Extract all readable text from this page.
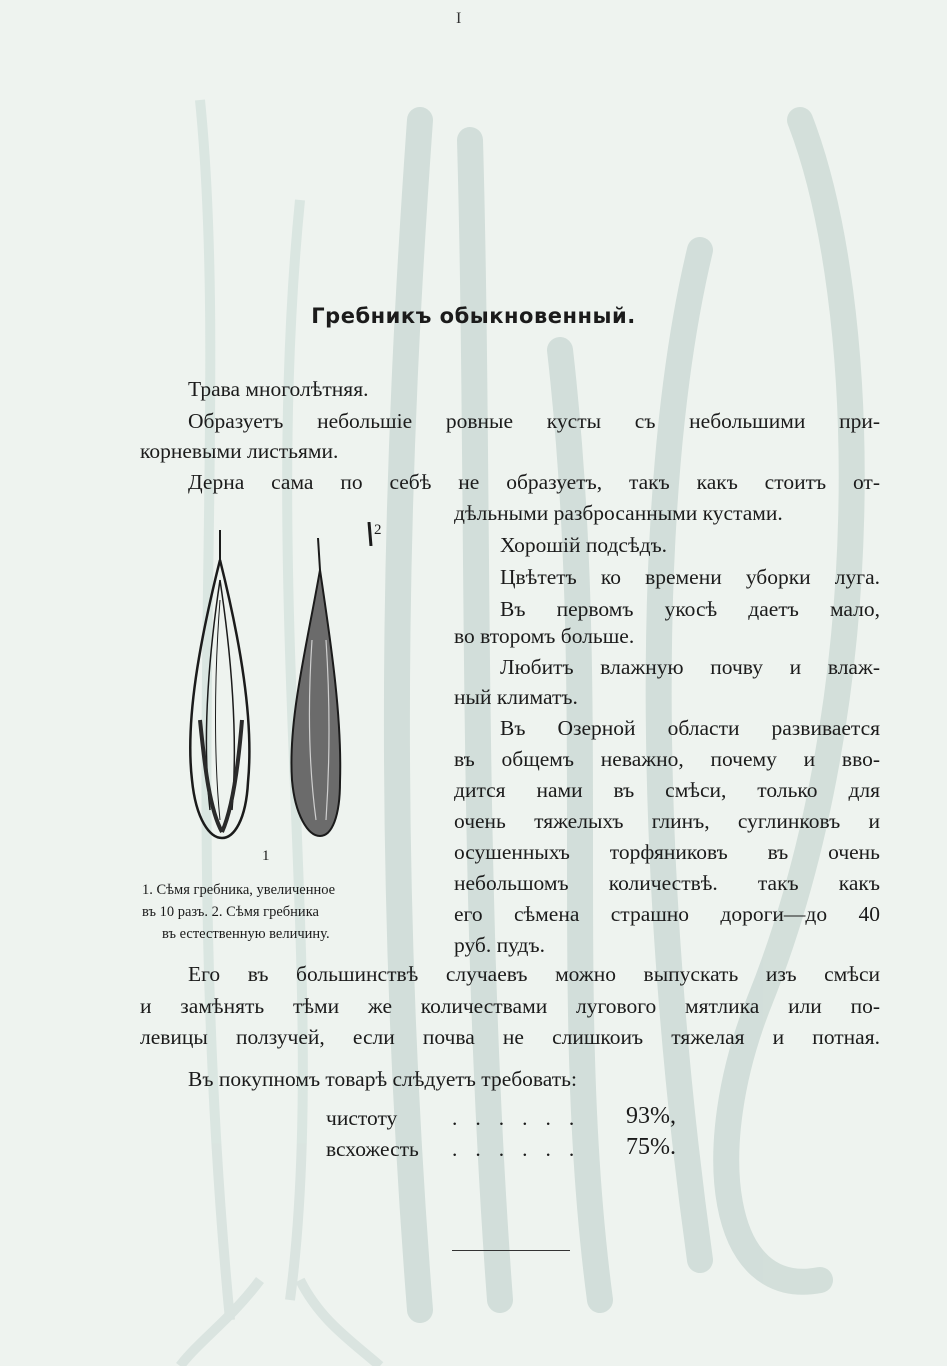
I
Гребникъ обыкновенный.
Трава многолѣтняя.
Образуетъ небольшiе ровные кусты съ небольшими при-
корневыми листьями.
Дерна сама по себѣ не образуетъ, такъ какъ стоитъ от-
2
1
1. Сѣмя гребника, увеличенное
въ 10 разъ. 2. Сѣмя гребника
въ естественную величину.
дѣльными разбросанными кустами.
Хорошiй подсѣдъ.
Цвѣтетъ ко времени уборки луга.
Въ первомъ укосѣ даетъ мало,
во второмъ больше.
Любитъ влажную почву и влаж-
ный климатъ.
Въ Озерной области развивается
въ общемъ неважно, почему и вво-
дится нами въ смѣси, только для
очень тяжелыхъ глинъ, суглинковъ и
осушенныхъ торфяниковъ въ очень
небольшомъ количествѣ. такъ какъ
его сѣмена страшно дороги—до 40
руб. пудъ.
Его въ большинствѣ случаевъ можно выпускать изъ смѣси
и замѣнять тѣми же количествами лугового мятлика или по-
левицы ползучей, если почва не слишкоиъ тяжелая и потная.
Въ покупномъ товарѣ слѣдуетъ требовать:
чистоту	...... 93%,
всхожесть ...... 75%.
